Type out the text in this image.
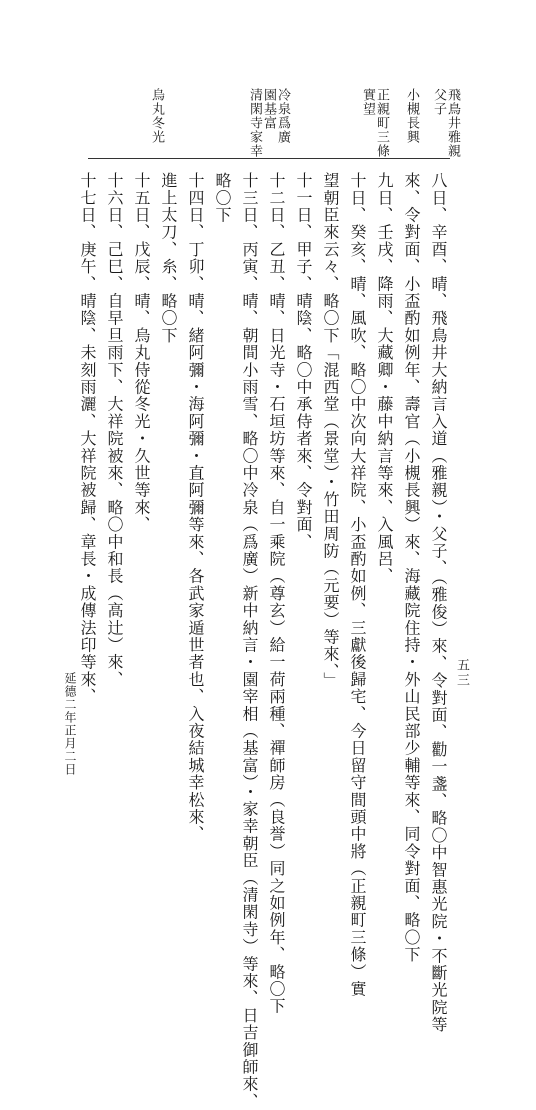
飛鳥井雅親
父子
小槻長興
正親町三條
實望
冷泉爲廣
園基富
清閑寺家幸
烏丸冬光
八日、辛酉、晴、飛鳥井大納言入道（雅親）・父子、（雅俊）來、令對面、勸一盞、略〇中智惠光院・不斷光院等
來、令對面、小盃酌如例年、壽官（小槻長興）來、海藏院住持・外山民部少輔等來、同令對面、略〇下
九日、壬戌、降雨、大藏卿・藤中納言等來、入風呂、
十日、癸亥、晴、風吹、略〇中次向大祥院、小盃酌如例、三獻後歸宅、今日留守間頭中將（正親町三條）實
望朝臣來云々、略〇下「混西堂（景堂）・竹田周防（元要）等來、」
十一日、甲子、晴陰、略〇中承侍者來、令對面、
十二日、乙丑、晴、日光寺・石垣坊等來、自一乘院（尊玄）給一荷兩種、禪師房（良誉）同之如例年、略〇下
十三日、丙寅、晴、朝間小雨雪、略〇中冷泉（爲廣）新中納言・園宰相（基富）・家幸朝臣（清閑寺）等來、日吉御師來、
略〇下
十四日、丁卯、晴、緒阿彌・海阿彌・直阿彌等來、各武家遁世者也、入夜結城幸松來、
進上太刀、糸、略〇下
十五日、戊辰、晴、烏丸侍從冬光・久世等來、
十六日、己巳、自早旦雨下、大祥院被來、略〇中和長（高辻）來、
十七日、庚午、晴陰、未刻雨灑、大祥院被歸、章長・成傳法印等來、	五三
延德二年正月二日
